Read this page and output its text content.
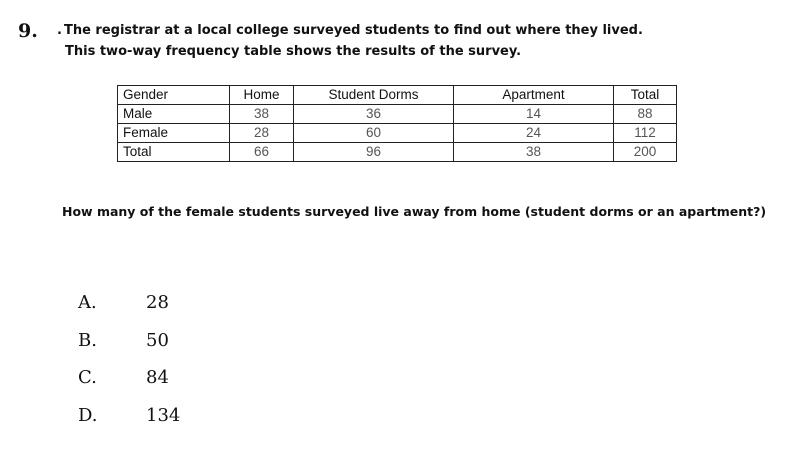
9. . The registrar at a local college surveyed students to find out where they lived.
This two-way frequency table shows the results of the survey.
Gender	Home	Student Dorms	Apartment	Total
Male	38	36	14	88
Female	28	60	24	112
Total	66	96	38	200
How many of the female students surveyed live away from home (student dorms or an apartment?)
A.	28
B.	50
C.	84
D.	134
